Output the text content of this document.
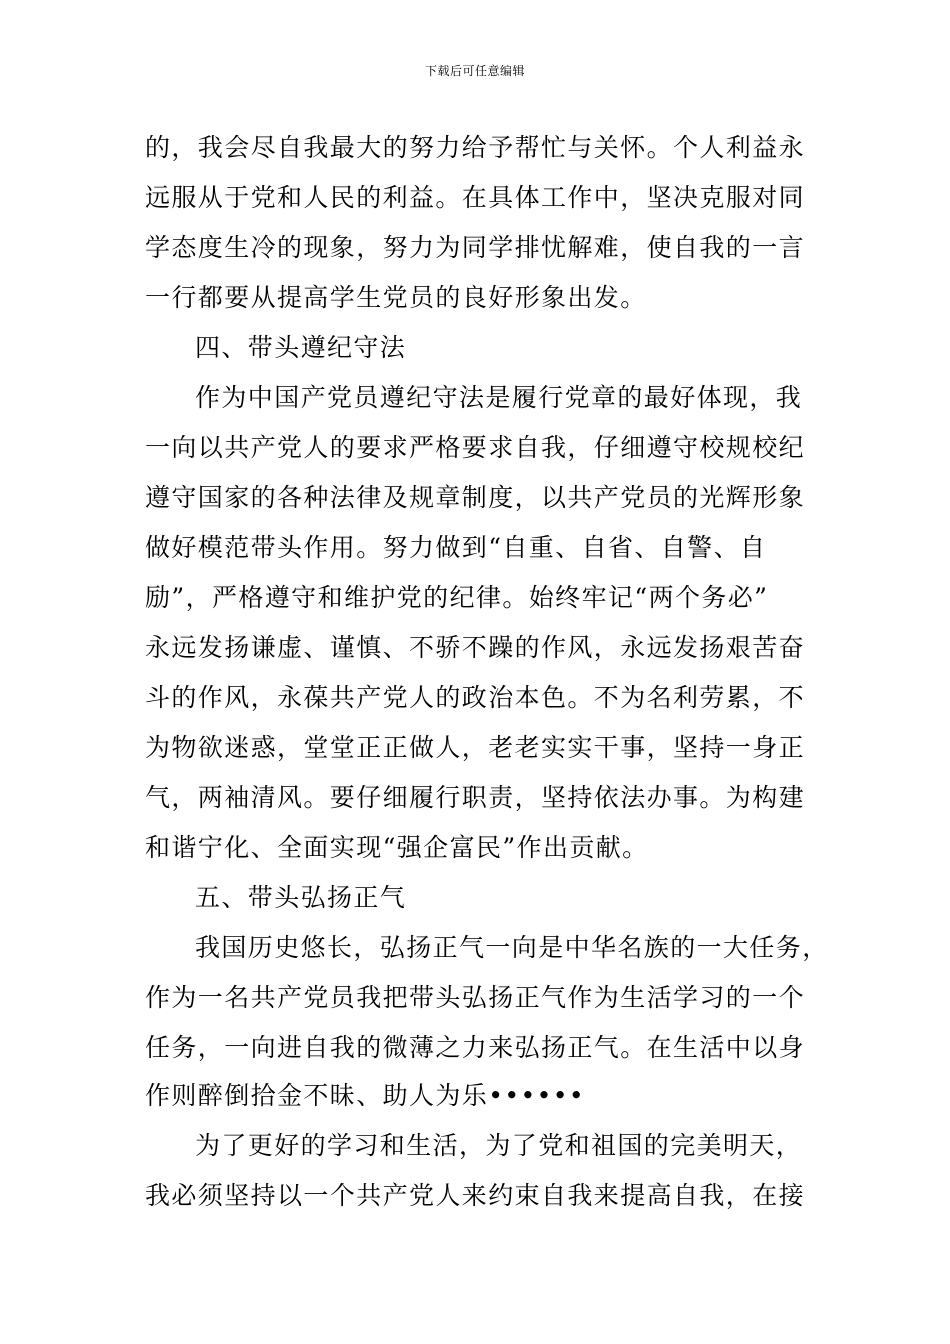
下载后可任意编辑
的，我会尽自我最大的努力给予帮忙与关怀。个人利益永
远服从于党和人民的利益。在具体工作中，坚决克服对同
学态度生冷的现象，努力为同学排忧解难，使自我的一言
一行都要从提高学生党员的良好形象出发。
四、带头遵纪守法
作为中国产党员遵纪守法是履行党章的最好体现，我
一向以共产党人的要求严格要求自我，仔细遵守校规校纪
遵守国家的各种法律及规章制度，以共产党员的光辉形象
做好模范带头作用。努力做到“自重、自省、自警、自
励”，严格遵守和维护党的纪律。始终牢记“两个务必”
永远发扬谦虚、谨慎、不骄不躁的作风，永远发扬艰苦奋
斗的作风，永葆共产党人的政治本色。不为名利劳累，不
为物欲迷惑，堂堂正正做人，老老实实干事，坚持一身正
气，两袖清风。要仔细履行职责，坚持依法办事。为构建
和谐宁化、全面实现“强企富民”作出贡献。
五、带头弘扬正气
我国历史悠长，弘扬正气一向是中华名族的一大任务，
作为一名共产党员我把带头弘扬正气作为生活学习的一个
任务，一向进自我的微薄之力来弘扬正气。在生活中以身
作则醉倒拾金不昧、助人为乐••••••
为了更好的学习和生活，为了党和祖国的完美明天，
我必须坚持以一个共产党人来约束自我来提高自我，在接
